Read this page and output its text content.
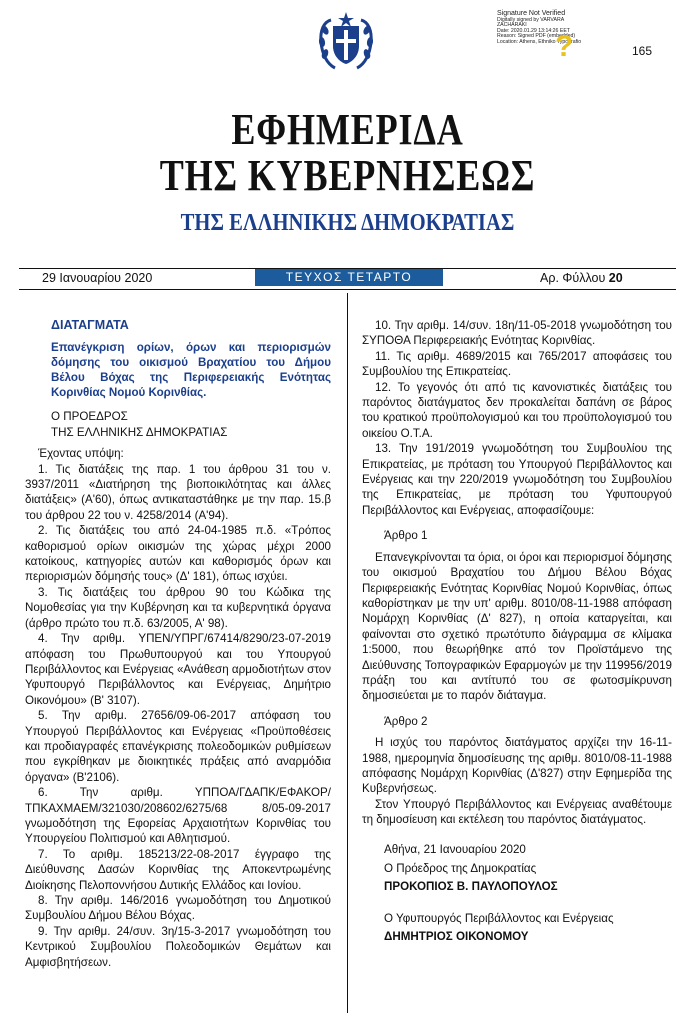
165
Signature Not Verified
Digitally signed by VARVARA ZACHARAKI
Date: 2020.01.29 13:14:26 EET
Reason: Signed PDF (embedded)
Location: Athens, Ethniko Typografio
?
ΕΦΗΜΕΡΙΔΑ
ΤΗΣ ΚΥΒΕΡΝΗΣΕΩΣ
ΤΗΣ ΕΛΛΗΝΙΚΗΣ ΔΗΜΟΚΡΑΤΙΑΣ
29 Ιανουαρίου 2020	ΤΕΥΧΟΣ ΤΕΤΑΡΤΟ	Αρ. Φύλλου 20

ΔΙΑΤΑΓΜΑΤΑ

Επανέγκριση ορίων, όρων και περιορισμών δόμησης του οικισμού Βραχατίου του Δήμου Βέλου Βόχας της Περιφερειακής Ενότητας Κορινθίας Νομού Κορινθίας.

Ο ΠΡΟΕΔΡΟΣ

ΤΗΣ ΕΛΛΗΝΙΚΗΣ ΔΗΜΟΚΡΑΤΙΑΣ

Έχοντας υπόψη:

1. Τις διατάξεις της παρ. 1 του άρθρου 31 του ν. 3937/2011 «Διατήρηση της βιοποικιλότητας και άλλες διατάξεις» (Α'60), όπως αντικαταστάθηκε με την παρ. 15.β του άρθρου 22 του ν. 4258/2014 (Α'94).

2. Τις διατάξεις του από 24-04-1985 π.δ. «Τρόπος καθορισμού ορίων οικισμών της χώρας μέχρι 2000 κατοίκους, κατηγορίες αυτών και καθορισμός όρων και περιορισμών δόμησής τους» (Δ' 181), όπως ισχύει.

3. Τις διατάξεις του άρθρου 90 του Κώδικα της Νομοθεσίας για την Κυβέρνηση και τα κυβερνητικά όργανα (άρθρο πρώτο του π.δ. 63/2005, Α' 98).

4. Την αριθμ. ΥΠΕΝ/ΥΠΡΓ/67414/8290/23-07-2019 απόφαση του Πρωθυπουργού και του Υπουργού Περιβάλλοντος και Ενέργειας «Ανάθεση αρμοδιοτήτων στον Υφυπουργό Περιβάλλοντος και Ενέργειας, Δημήτριο Οικονόμου» (Β' 3107).

5. Την αριθμ. 27656/09-06-2017 απόφαση του Υπουργού Περιβάλλοντος και Ενέργειας «Προϋποθέσεις και προδιαγραφές επανέγκρισης πολεοδομικών ρυθμίσεων που εγκρίθηκαν με διοικητικές πράξεις από αναρμόδια όργανα» (Β'2106).

6. Την αριθμ. ΥΠΠΟΑ/ΓΔΑΠΚ/ΕΦΑΚΟΡ/ΤΠΚΑΧΜΑΕΜ/321030/208602/6275/68 8/05-09-2017 γνωμοδότηση της Εφορείας Αρχαιοτήτων Κορινθίας του Υπουργείου Πολιτισμού και Αθλητισμού.

7. Το αριθμ. 185213/22-08-2017 έγγραφο της Διεύθυνσης Δασών Κορινθίας της Αποκεντρωμένης Διοίκησης Πελοποννήσου Δυτικής Ελλάδος και Ιονίου.

8. Την αριθμ. 146/2016 γνωμοδότηση του Δημοτικού Συμβουλίου Δήμου Βέλου Βόχας.

9. Την αριθμ. 24/συν. 3η/15-3-2017 γνωμοδότηση του Κεντρικού Συμβουλίου Πολεοδομικών Θεμάτων και Αμφισβητήσεων.

10. Την αριθμ. 14/συν. 18η/11-05-2018 γνωμοδότηση του ΣΥΠΟΘΑ Περιφερειακής Ενότητας Κορινθίας.

11. Τις αριθμ. 4689/2015 και 765/2017 αποφάσεις του Συμβουλίου της Επικρατείας.

12. Το γεγονός ότι από τις κανονιστικές διατάξεις του παρόντος διατάγματος δεν προκαλείται δαπάνη σε βάρος του κρατικού προϋπολογισμού και του προϋπολογισμού του οικείου Ο.Τ.Α.

13. Την 191/2019 γνωμοδότηση του Συμβουλίου της Επικρατείας, με πρόταση του Υπουργού Περιβάλλοντος και Ενέργειας και την 220/2019 γνωμοδότηση του Συμβουλίου της Επικρατείας, με πρόταση του Υφυπουργού Περιβάλλοντος και Ενέργειας, αποφασίζουμε:

Άρθρο 1

Επανεγκρίνονται τα όρια, οι όροι και περιορισμοί δόμησης του οικισμού Βραχατίου του Δήμου Βέλου Βόχας Περιφερειακής Ενότητας Κορινθίας Νομού Κορινθίας, όπως καθορίστηκαν με την υπ' αριθμ. 8010/08-11-1988 απόφαση Νομάρχη Κορινθίας (Δ' 827), η οποία καταργείται, και φαίνονται στο σχετικό πρωτότυπο διάγραμμα σε κλίμακα 1:5000, που θεωρήθηκε από τον Προϊστάμενο της Διεύθυνσης Τοπογραφικών Εφαρμογών με την 119956/2019 πράξη του και αντίτυπό του σε φωτοσμίκρυνση δημοσιεύεται με το παρόν διάταγμα.

Άρθρο 2

Η ισχύς του παρόντος διατάγματος αρχίζει την 16-11-1988, ημερομηνία δημοσίευσης της αριθμ. 8010/08-11-1988 απόφασης Νομάρχη Κορινθίας (Δ'827) στην Εφημερίδα της Κυβερνήσεως.

Στον Υπουργό Περιβάλλοντος και Ενέργειας αναθέτουμε τη δημοσίευση και εκτέλεση του παρόντος διατάγματος.

Αθήνα, 21 Ιανουαρίου 2020

Ο Πρόεδρος της Δημοκρατίας

ΠΡΟΚΟΠΙΟΣ Β. ΠΑΥΛΟΠΟΥΛΟΣ

Ο Υφυπουργός Περιβάλλοντος και Ενέργειας

ΔΗΜΗΤΡΙΟΣ ΟΙΚΟΝΟΜΟΥ
